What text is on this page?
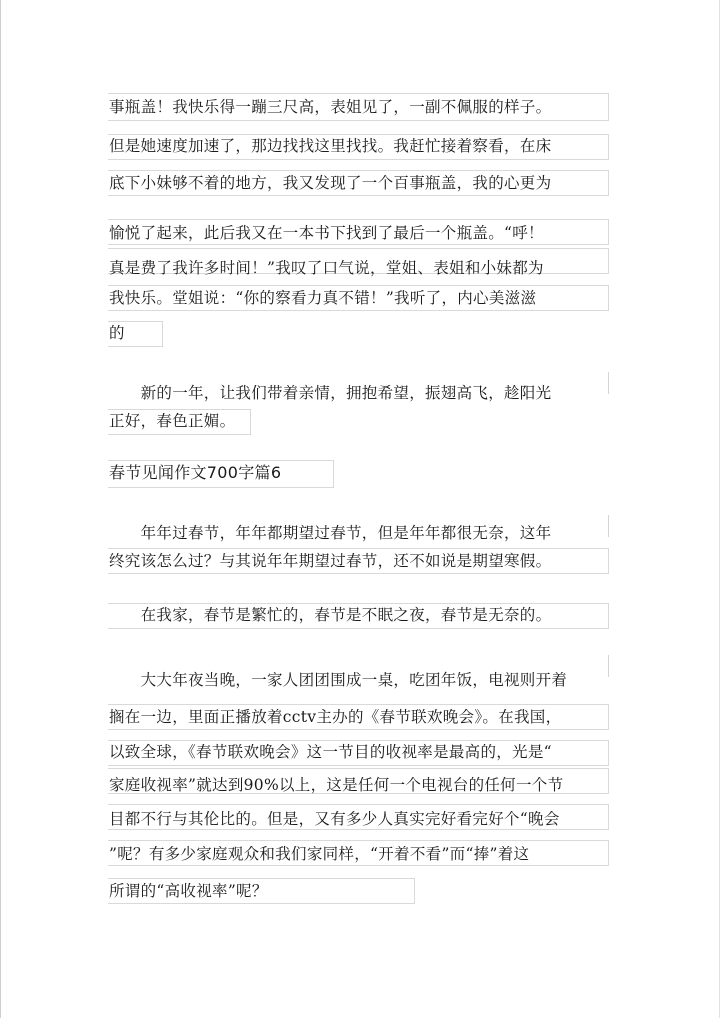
事瓶盖！我快乐得一蹦三尺高，表姐见了，一副不佩服的样子。
但是她速度加速了，那边找找这里找找。我赶忙接着察看，在床
底下小妹够不着的地方，我又发现了一个百事瓶盖，我的心更为
愉悦了起来，此后我又在一本书下找到了最后一个瓶盖。“呼！
真是费了我许多时间！”我叹了口气说，堂姐、表姐和小妹都为
我快乐。堂姐说：“你的察看力真不错！”我听了，内心美滋滋
的
　　新的一年，让我们带着亲情，拥抱希望，振翅高飞，趁阳光
正好，春色正媚。
春节见闻作文700字篇6
　　年年过春节，年年都期望过春节，但是年年都很无奈，这年
终究该怎么过？与其说年年期望过春节，还不如说是期望寒假。
　　在我家，春节是繁忙的，春节是不眠之夜，春节是无奈的。
　　大大年夜当晚，一家人团团围成一桌，吃团年饭，电视则开着
搁在一边，里面正播放着cctv主办的《春节联欢晚会》。在我国，
以致全球，《春节联欢晚会》这一节目的收视率是最高的，光是“
家庭收视率”就达到90%以上，这是任何一个电视台的任何一个节
目都不行与其伦比的。但是，又有多少人真实完好看完好个“晚会
”呢？有多少家庭观众和我们家同样，“开着不看”而“捧”着这
所谓的“高收视率”呢？
